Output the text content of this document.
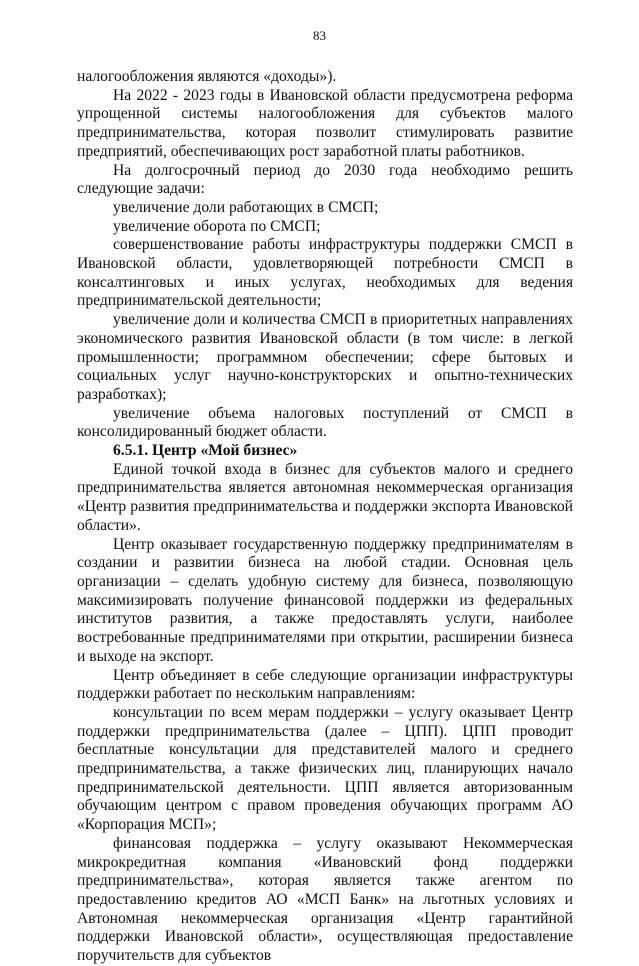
83

налогообложения являются «доходы»).

На 2022 - 2023 годы в Ивановской области предусмотрена реформа упрощенной системы налогообложения для субъектов малого предпринимательства, которая позволит стимулировать развитие предприятий, обеспечивающих рост заработной платы работников.

На долгосрочный период до 2030 года необходимо решить следующие задачи:

увеличение доли работающих в СМСП;

увеличение оборота по СМСП;

совершенствование работы инфраструктуры поддержки СМСП в Ивановской области, удовлетворяющей потребности СМСП в консалтинговых и иных услугах, необходимых для ведения предпринимательской деятельности;

увеличение доли и количества СМСП в приоритетных направлениях экономического развития Ивановской области (в том числе: в легкой промышленности; программном обеспечении; сфере бытовых и социальных услуг научно-конструкторских и опытно-технических разработках);

увеличение объема налоговых поступлений от СМСП в консолидированный бюджет области.

6.5.1. Центр «Мой бизнес»

Единой точкой входа в бизнес для субъектов малого и среднего предпринимательства является автономная некоммерческая организация «Центр развития предпринимательства и поддержки экспорта Ивановской области».

Центр оказывает государственную поддержку предпринимателям в создании и развитии бизнеса на любой стадии. Основная цель организации – сделать удобную систему для бизнеса, позволяющую максимизировать получение финансовой поддержки из федеральных институтов развития, а также предоставлять услуги, наиболее востребованные предпринимателями при открытии, расширении бизнеса и выходе на экспорт.

Центр объединяет в себе следующие организации инфраструктуры поддержки работает по нескольким направлениям:

консультации по всем мерам поддержки – услугу оказывает Центр поддержки предпринимательства (далее – ЦПП). ЦПП проводит бесплатные консультации для представителей малого и среднего предпринимательства, а также физических лиц, планирующих начало предпринимательской деятельности. ЦПП является авторизованным обучающим центром с правом проведения обучающих программ АО «Корпорация МСП»;

финансовая поддержка – услугу оказывают Некоммерческая микрокредитная компания «Ивановский фонд поддержки предпринимательства», которая является также агентом по предоставлению кредитов АО «МСП Банк» на льготных условиях и Автономная некоммерческая организация «Центр гарантийной поддержки Ивановской области», осуществляющая предоставление поручительств для субъектов
